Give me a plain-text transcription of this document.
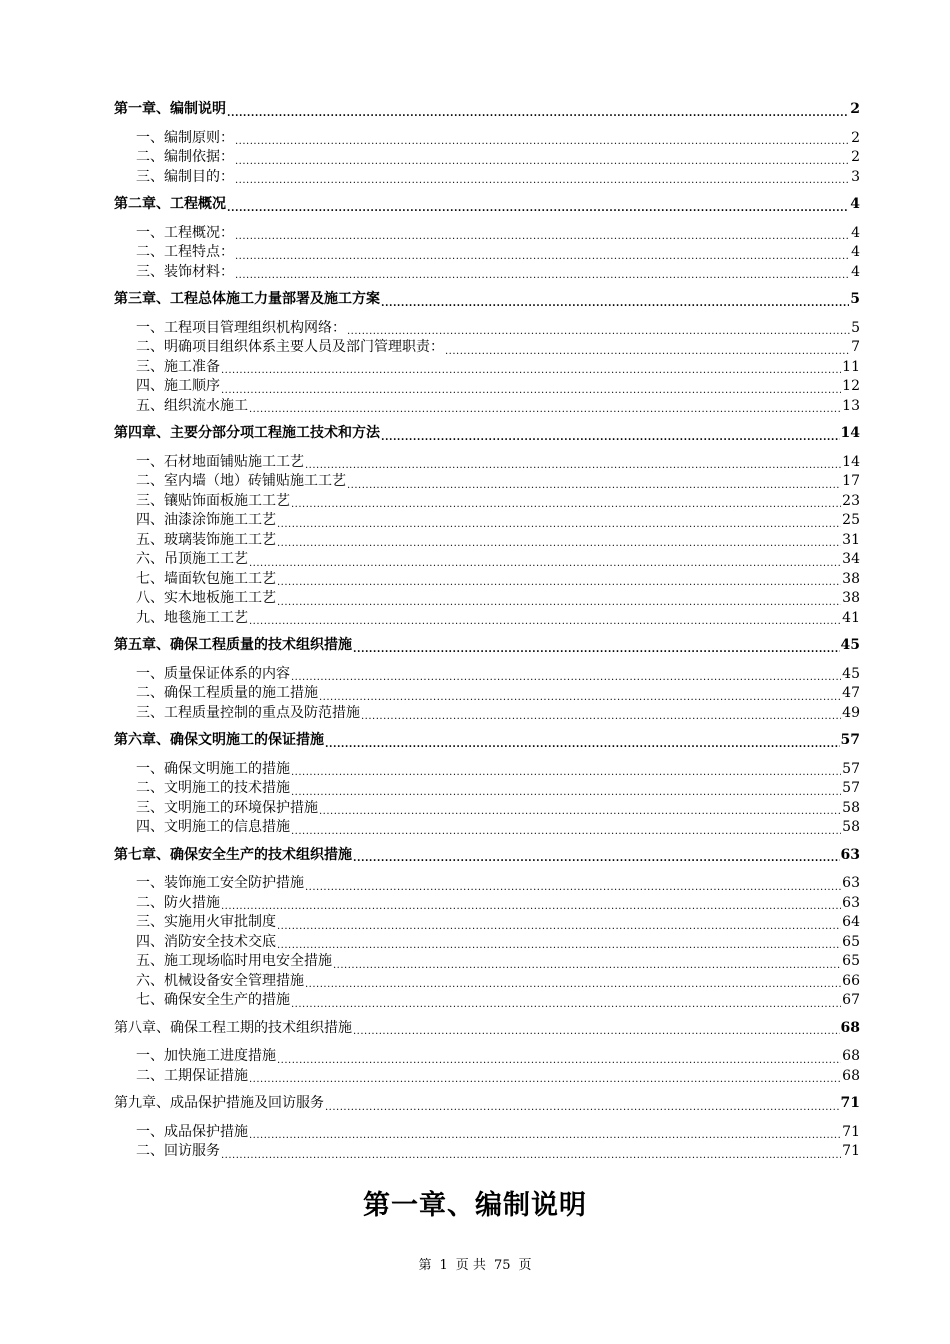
第一章、编制说明 .....	2
一、编制原则： .....	2
二、编制依据： .....	2
三、编制目的： .....	3
第二章、工程概况 .....	4
一、工程概况： .....	4
二、工程特点： .....	4
三、装饰材料： .....	4
第三章、工程总体施工力量部署及施工方案 .....	5
一、工程项目管理组织机构网络： .....	5
二、明确项目组织体系主要人员及部门管理职责： .....	7
三、施工准备 .....	11
四、施工顺序 .....	12
五、组织流水施工 .....	13
第四章、主要分部分项工程施工技术和方法 .....	14
一、石材地面铺贴施工工艺 .....	14
二、室内墙（地）砖铺贴施工工艺 .....	17
三、镶贴饰面板施工工艺 .....	23
四、油漆涂饰施工工艺 .....	25
五、玻璃装饰施工工艺 .....	31
六、吊顶施工工艺 .....	34
七、墙面软包施工工艺 .....	38
八、实木地板施工工艺 .....	38
九、地毯施工工艺 .....	41
第五章、确保工程质量的技术组织措施 .....	45
一、质量保证体系的内容 .....	45
二、确保工程质量的施工措施 .....	47
三、工程质量控制的重点及防范措施 .....	49
第六章、确保文明施工的保证措施 .....	57
一、确保文明施工的措施 .....	57
二、文明施工的技术措施 .....	57
三、文明施工的环境保护措施 .....	58
四、文明施工的信息措施 .....	58
第七章、确保安全生产的技术组织措施 .....	63
一、装饰施工安全防护措施 .....	63
二、防火措施 .....	63
三、实施用火审批制度 .....	64
四、消防安全技术交底 .....	65
五、施工现场临时用电安全措施 .....	65
六、机械设备安全管理措施 .....	66
七、确保安全生产的措施 .....	67
第八章、确保工程工期的技术组织措施 .....	68
一、加快施工进度措施 .....	68
二、工期保证措施 .....	68
第九章、成品保护措施及回访服务 .....	71
一、成品保护措施 .....	71
二、回访服务 .....	71
第一章、编制说明
第 1 页 共 75 页
